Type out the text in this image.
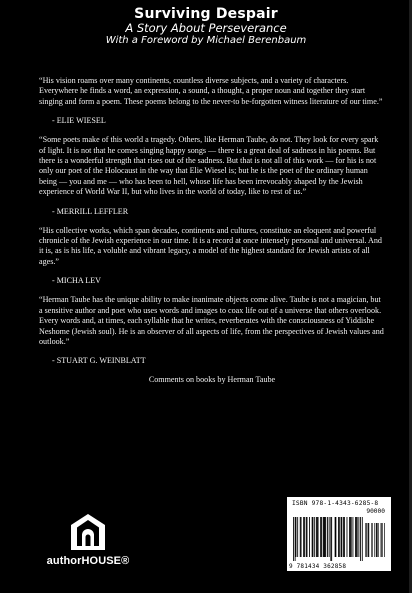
Surviving Despair
A Story About Perseverance
With a Foreword by Michael Berenbaum

“His vision roams over many continents, countless diverse subjects, and a variety of characters. Everywhere he finds a word, an expression, a sound, a thought, a proper noun and together they start singing and form a poem. These poems belong to the never-to be-forgotten witness literature of our time.”

- ELIE WIESEL

“Some poets make of this world a tragedy. Others, like Herman Taube, do not. They look for every spark of light. It is not that he comes singing happy songs — there is a great deal of sadness in his poems. But there is a wonderful strength that rises out of the sadness. But that is not all of this work — for his is not only our poet of the Holocaust in the way that Elie Wiesel is; but he is the poet of the ordinary human being — you and me — who has been to hell, whose life has been irrevocably shaped by the Jewish experience of World War II, but who lives in the world of today, like to rest of us.”

- MERRILL LEFFLER

“His collective works, which span decades, continents and cultures, constitute an eloquent and powerful chronicle of the Jewish experience in our time. It is a record at once intensely personal and universal. And it is, as is his life, a voluble and vibrant legacy, a model of the highest standard for Jewish artists of all ages.”

- MICHA LEV

“Herman Taube has the unique ability to make inanimate objects come alive. Taube is not a magician, but a sensitive author and poet who uses words and images to coax life out of a universe that others overlook. Every words and, at times, each syllable that he writes, reverberates with the consciousness of Yiddishe Neshome (Jewish soul). He is an observer of all aspects of life, from the perspectives of Jewish values and outlook.”

- STUART G. WEINBLATT
Comments on books by Herman Taube
authorHOUSE®
ISBN 978-1-4343-6285-8
90000
9 781434 362858
